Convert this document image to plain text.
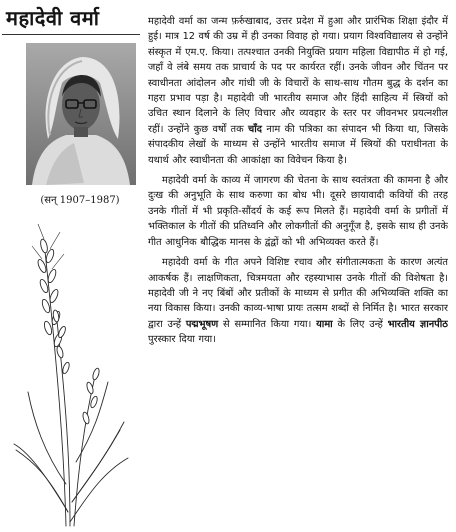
महादेवी वर्मा
(सन् 1907–1987)

महादेवी वर्मा का जन्म फ़र्रुखाबाद, उत्तर प्रदेश में हुआ और प्रारंभिक शिक्षा इंदौर में हुई। मात्र 12 वर्ष की उम्र में ही उनका विवाह हो गया। प्रयाग विश्वविद्यालय से उन्होंने संस्कृत में एम.ए. किया। तत्पश्चात उनकी नियुक्ति प्रयाग महिला विद्यापीठ में हो गई, जहाँ वे लंबे समय तक प्राचार्य के पद पर कार्यरत रहीं। उनके जीवन और चिंतन पर स्वाधीनता आंदोलन और गांधी जी के विचारों के साथ-साथ गौतम बुद्ध के दर्शन का गहरा प्रभाव पड़ा है। महादेवी जी भारतीय समाज और हिंदी साहित्य में स्त्रियों को उचित स्थान दिलाने के लिए विचार और व्यवहार के स्तर पर जीवनभर प्रयत्नशील रहीं। उन्होंने कुछ वर्षों तक चाँद नाम की पत्रिका का संपादन भी किया था, जिसके संपादकीय लेखों के माध्यम से उन्होंने भारतीय समाज में स्त्रियों की पराधीनता के यथार्थ और स्वाधीनता की आकांक्षा का विवेचन किया है।

महादेवी वर्मा के काव्य में जागरण की चेतना के साथ स्वतंत्रता की कामना है और दुःख की अनुभूति के साथ करुणा का बोध भी। दूसरे छायावादी कवियों की तरह उनके गीतों में भी प्रकृति-सौंदर्य के कई रूप मिलते हैं। महादेवी वर्मा के प्रगीतों में भक्तिकाल के गीतों की प्रतिध्वनि और लोकगीतों की अनुगूँज है, इसके साथ ही उनके गीत आधुनिक बौद्धिक मानस के द्वंद्वों को भी अभिव्यक्त करते हैं।

महादेवी वर्मा के गीत अपने विशिष्ट रचाव और संगीतात्मकता के कारण अत्यंत आकर्षक हैं। लाक्षणिकता, चित्रमयता और रहस्याभास उनके गीतों की विशेषता है। महादेवी जी ने नए बिंबों और प्रतीकों के माध्यम से प्रगीत की अभिव्यक्ति शक्ति का नया विकास किया। उनकी काव्य-भाषा प्रायः तत्सम शब्दों से निर्मित है। भारत सरकार द्वारा उन्हें पद्मभूषण से सम्मानित किया गया। यामा के लिए उन्हें भारतीय ज्ञानपीठ पुरस्कार दिया गया।
